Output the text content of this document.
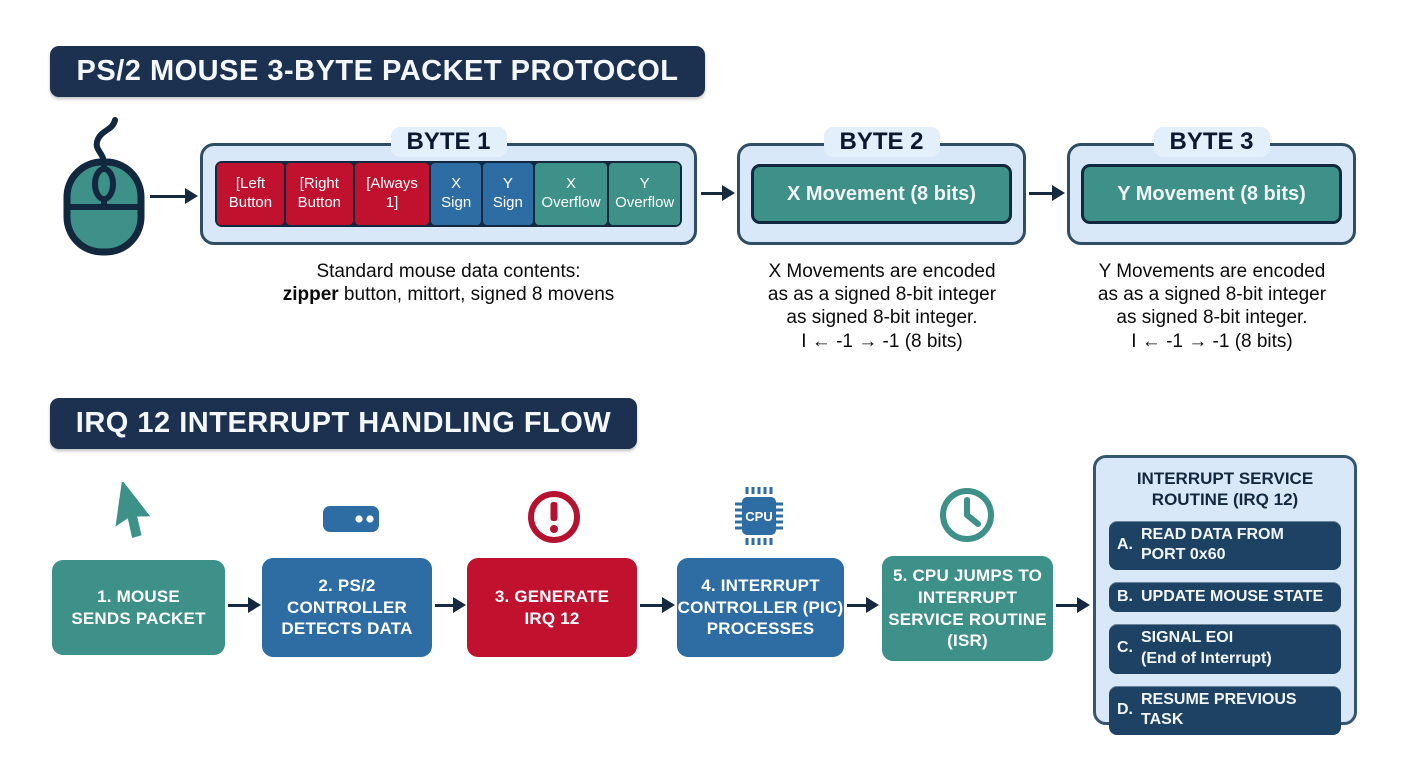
PS/2 MOUSE 3-BYTE PACKET PROTOCOL
BYTE 1
[Left
Button
[Right
Button
[Always
1]
X
Sign
Y
Sign
X
Overflow
Y
Overflow
BYTE 2
X Movement (8 bits)
BYTE 3
Y Movement (8 bits)
Standard mouse data contents:
zipper button, mittort, signed 8 movens
X Movements are encoded
as as a signed 8-bit integer
as signed 8-bit integer.
I ← -1 → -1 (8 bits)
Y Movements are encoded
as as a signed 8-bit integer
as signed 8-bit integer.
I ← -1 → -1 (8 bits)
IRQ 12 INTERRUPT HANDLING FLOW
CPU
1. MOUSE
SENDS PACKET
2. PS/2
CONTROLLER
DETECTS DATA
3. GENERATE
IRQ 12
4. INTERRUPT
CONTROLLER (PIC)
PROCESSES
5. CPU JUMPS TO
INTERRUPT
SERVICE ROUTINE
(ISR)
INTERRUPT SERVICE
ROUTINE (IRQ 12)
A.
READ DATA FROM
PORT 0x60
B. UPDATE MOUSE STATE
C.
SIGNAL EOI
(End of Interrupt)
D.
RESUME PREVIOUS TASK
